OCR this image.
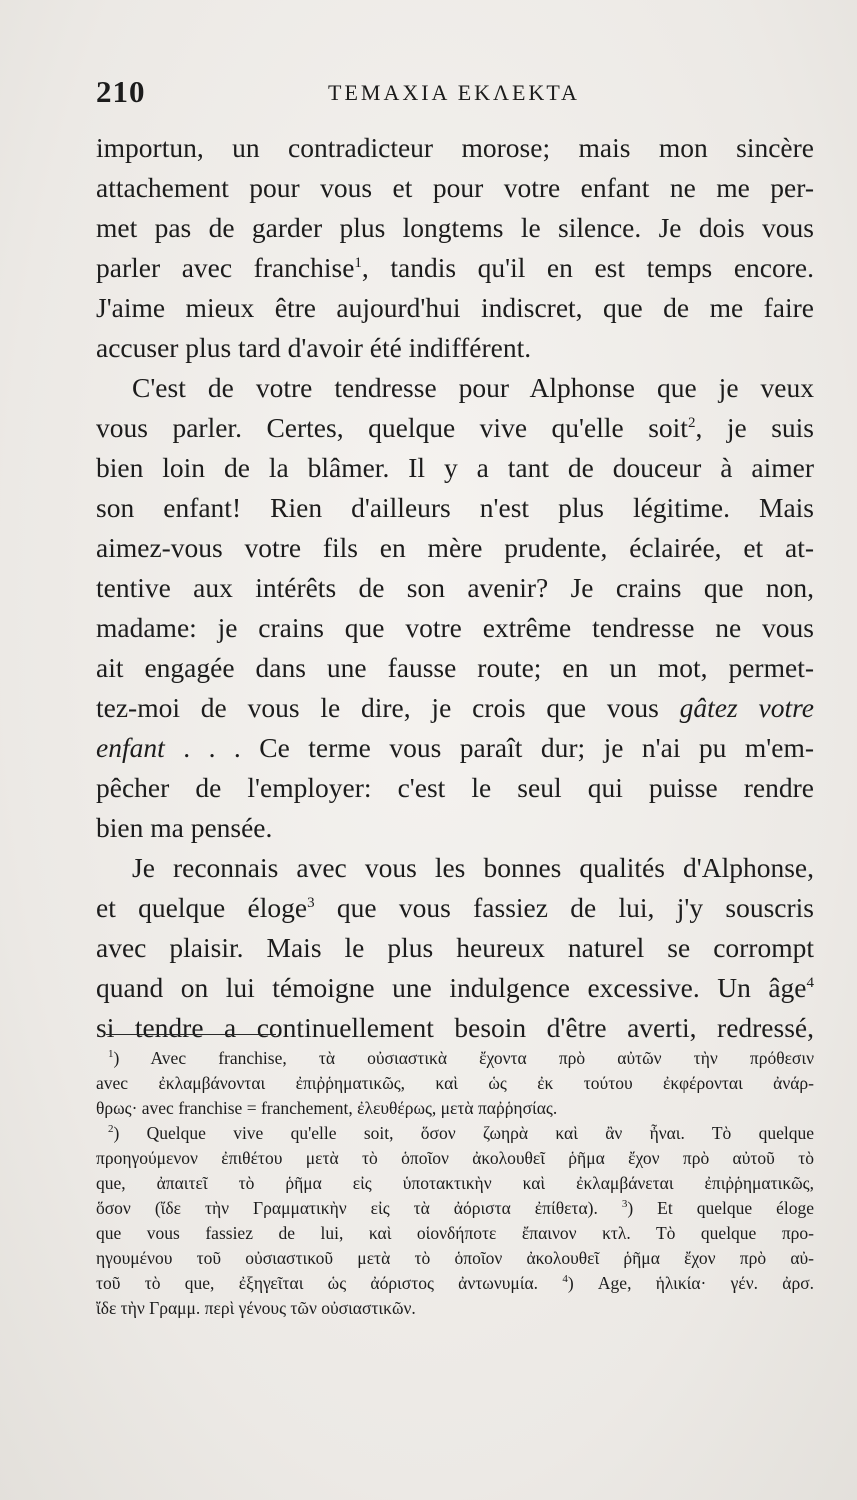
210	ΤΕΜΑΧΙΑ ΕΚΛΕΚΤΑ
importun, un contradicteur morose; mais mon sincère
attachement pour vous et pour votre enfant ne me per-
met pas de garder plus longtems le silence. Je dois vous
parler avec franchise$^1$, tandis qu'il en est temps encore.
J'aime mieux être aujourd'hui indiscret, que de me faire
accuser plus tard d'avoir été indifférent.
C'est de votre tendresse pour Alphonse que je veux
vous parler. Certes, quelque vive qu'elle soit$^2$, je suis
bien loin de la blâmer. Il y a tant de douceur à aimer
son enfant! Rien d'ailleurs n'est plus légitime. Mais
aimez-vous votre fils en mère prudente, éclairée, et at-
tentive aux intérêts de son avenir? Je crains que non,
madame: je crains que votre extrême tendresse ne vous
ait engagée dans une fausse route; en un mot, permet-
tez-moi de vous le dire, je crois que vous gâtez votre
enfant . . . Ce terme vous paraît dur; je n'ai pu m'em-
pêcher de l'employer: c'est le seul qui puisse rendre
bien ma pensée.
Je reconnais avec vous les bonnes qualités d'Alphonse,
et quelque éloge$^3$ que vous fassiez de lui, j'y souscris
avec plaisir. Mais le plus heureux naturel se corrompt
quand on lui témoigne une indulgence excessive. Un âge$^4$
si tendre a continuellement besoin d'être averti, redressé,
$^1$) Avec franchise, τὰ οὐσιαστικὰ ἔχοντα πρὸ αὐτῶν τὴν πρόθεσιν
avec ἐκλαμβάνονται ἐπιῤῥηματικῶς, καὶ ὡς ἐκ τούτου ἐκφέρονται ἀνάρ-
θρως· avec franchise = franchement, ἐλευθέρως, μετὰ παῤῥησίας.
$^2$) Quelque vive qu'elle soit, ὅσον ζωηρὰ καὶ ἂν ἦναι. Τὸ quelque
προηγούμενον ἐπιθέτου μετὰ τὸ ὁποῖον ἀκολουθεῖ ῥῆμα ἔχον πρὸ αὐτοῦ τὸ
que, ἀπαιτεῖ τὸ ῥῆμα εἰς ὑποτακτικὴν καὶ ἐκλαμβάνεται ἐπιῤῥηματικῶς,
ὅσον (ἴδε τὴν Γραμματικὴν εἰς τὰ ἀόριστα ἐπίθετα). $^3$) Et quelque éloge
que vous fassiez de lui, καὶ οἱονδήποτε ἔπαινον κτλ. Τὸ quelque προ-
ηγουμένου τοῦ οὐσιαστικοῦ μετὰ τὸ ὁποῖον ἀκολουθεῖ ῥῆμα ἔχον πρὸ αὐ-
τοῦ τὸ que, ἐξηγεῖται ὡς ἀόριστος ἀντωνυμία. $^4$) Age, ἡλικία· γέν. ἀρσ.
ἴδε τὴν Γραμμ. περὶ γένους τῶν οὐσιαστικῶν.
